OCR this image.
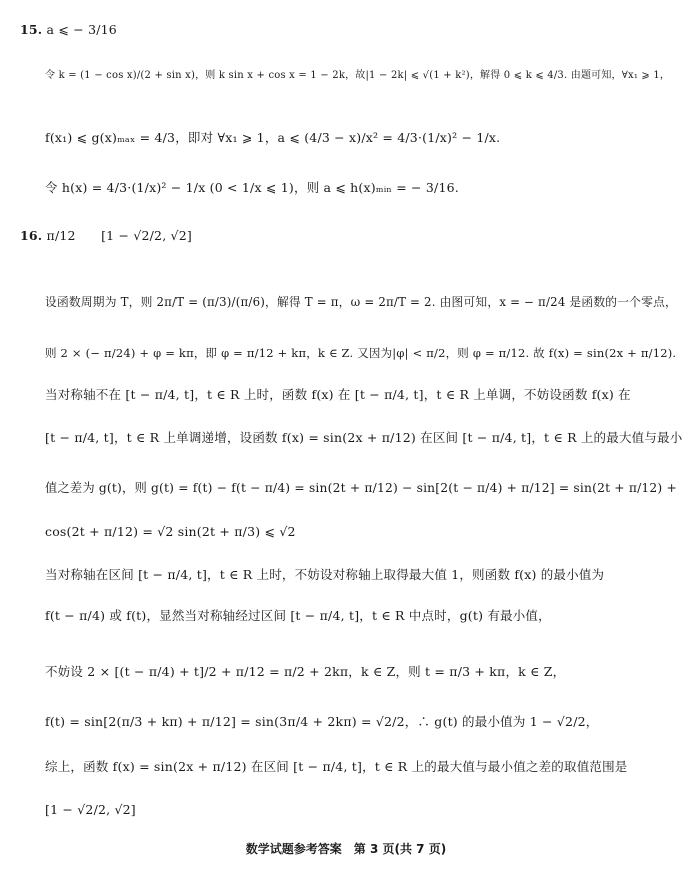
15. a ⩽ − 3/16
令 k = (1 − cos x)/(2 + sin x)，则 k sin x + cos x = 1 − 2k，故|1 − 2k| ⩽ √(1 + k²)，解得 0 ⩽ k ⩽ 4/3. 由题可知，∀x₁ ⩾ 1，
f(x₁) ⩽ g(x)ₘₐₓ = 4/3，即对 ∀x₁ ⩾ 1，a ⩽ (4/3 − x)/x² = 4/3·(1/x)² − 1/x.
令 h(x) = 4/3·(1/x)² − 1/x (0 < 1/x ⩽ 1)，则 a ⩽ h(x)ₘᵢₙ = − 3/16.
16. π/12　　[1 − √2/2, √2]
设函数周期为 T，则 2π/T = (π/3)/(π/6)，解得 T = π，ω = 2π/T = 2. 由图可知，x = − π/24 是函数的一个零点，
则 2 × (− π/24) + φ = kπ，即 φ = π/12 + kπ，k ∈ Z. 又因为|φ| < π/2，则 φ = π/12. 故 f(x) = sin(2x + π/12).
当对称轴不在 [t − π/4, t]，t ∈ R 上时，函数 f(x) 在 [t − π/4, t]，t ∈ R 上单调，不妨设函数 f(x) 在
[t − π/4, t]，t ∈ R 上单调递增，设函数 f(x) = sin(2x + π/12) 在区间 [t − π/4, t]，t ∈ R 上的最大值与最小
值之差为 g(t)，则 g(t) = f(t) − f(t − π/4) = sin(2t + π/12) − sin[2(t − π/4) + π/12] = sin(2t + π/12) +
cos(2t + π/12) = √2 sin(2t + π/3) ⩽ √2
当对称轴在区间 [t − π/4, t]，t ∈ R 上时，不妨设对称轴上取得最大值 1，则函数 f(x) 的最小值为
f(t − π/4) 或 f(t)，显然当对称轴经过区间 [t − π/4, t]，t ∈ R 中点时，g(t) 有最小值，
不妨设 2 × [(t − π/4) + t]/2 + π/12 = π/2 + 2kπ，k ∈ Z，则 t = π/3 + kπ，k ∈ Z，
f(t) = sin[2(π/3 + kπ) + π/12] = sin(3π/4 + 2kπ) = √2/2，∴ g(t) 的最小值为 1 − √2/2，
综上，函数 f(x) = sin(2x + π/12) 在区间 [t − π/4, t]，t ∈ R 上的最大值与最小值之差的取值范围是
[1 − √2/2, √2]
数学试题参考答案　第 3 页(共 7 页)
